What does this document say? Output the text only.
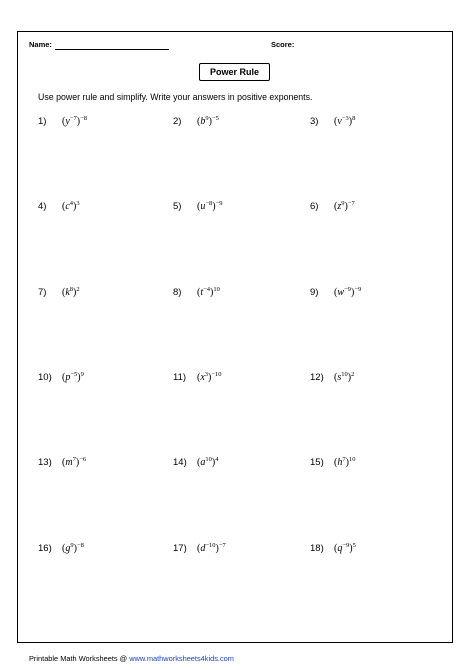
Name:	Score:
Power Rule
Use power rule and simplify. Write your answers in positive exponents.
1) $(y^{-7})^{-8}$	2) $(b^9)^{-5}$	3) $(v^{-3})^8$
4) $(c^4)^3$	5) $(u^{-8})^{-9}$	6) $(z^9)^{-7}$
7) $(k^8)^2$	8) $(t^{-4})^{10}$	9) $(w^{-9})^{-9}$
10) $(p^{-5})^9$	11) $(x^3)^{-10}$	12) $(s^{10})^2$
13) $(m^7)^{-6}$	14) $(a^{10})^4$	15) $(h^7)^{10}$
16) $(g^9)^{-8}$	17) $(d^{-10})^{-7}$	18) $(q^{-9})^5$
Printable Math Worksheets @ www.mathworksheets4kids.com
